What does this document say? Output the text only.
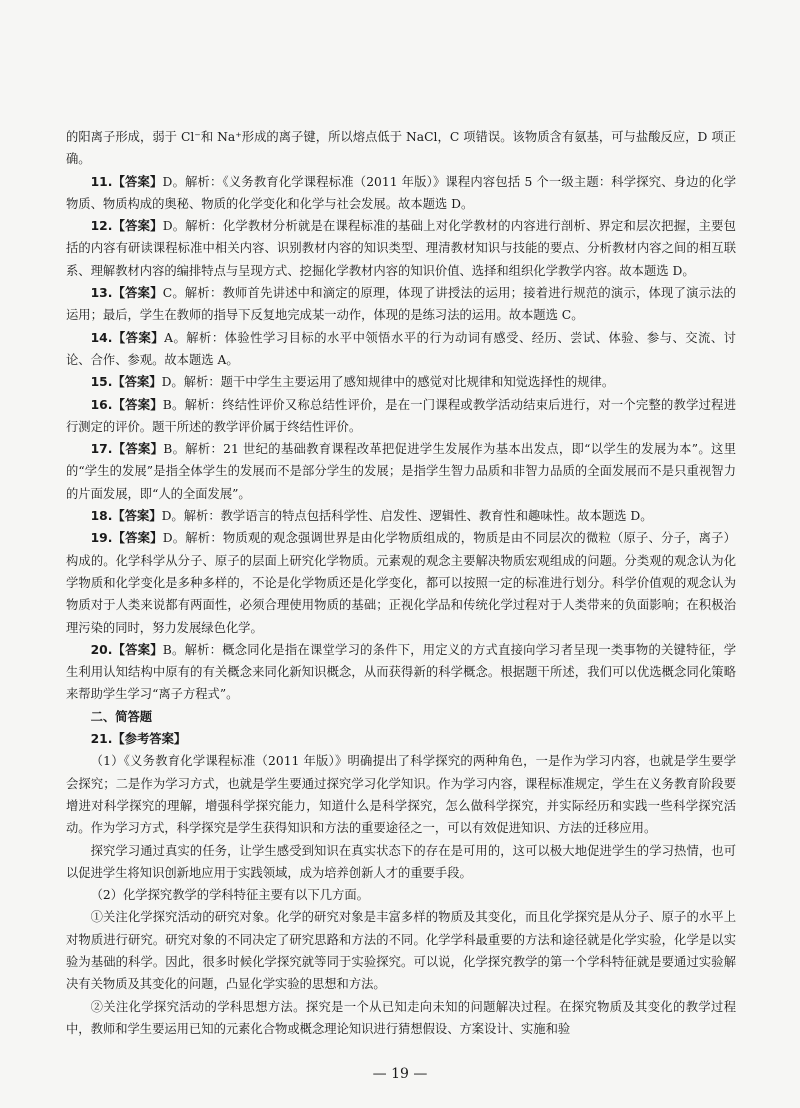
的阳离子形成，弱于 Cl⁻和 Na⁺形成的离子键，所以熔点低于 NaCl，C 项错误。该物质含有氨基，可与盐酸反应，D 项正确。

11.【答案】D。解析：《义务教育化学课程标准（2011 年版）》课程内容包括 5 个一级主题：科学探究、身边的化学物质、物质构成的奥秘、物质的化学变化和化学与社会发展。故本题选 D。

12.【答案】D。解析：化学教材分析就是在课程标准的基础上对化学教材的内容进行剖析、界定和层次把握，主要包括的内容有研读课程标准中相关内容、识别教材内容的知识类型、理清教材知识与技能的要点、分析教材内容之间的相互联系、理解教材内容的编排特点与呈现方式、挖掘化学教材内容的知识价值、选择和组织化学教学内容。故本题选 D。

13.【答案】C。解析：教师首先讲述中和滴定的原理，体现了讲授法的运用；接着进行规范的演示，体现了演示法的运用；最后，学生在教师的指导下反复地完成某一动作，体现的是练习法的运用。故本题选 C。

14.【答案】A。解析：体验性学习目标的水平中领悟水平的行为动词有感受、经历、尝试、体验、参与、交流、讨论、合作、参观。故本题选 A。

15.【答案】D。解析：题干中学生主要运用了感知规律中的感觉对比规律和知觉选择性的规律。

16.【答案】B。解析：终结性评价又称总结性评价，是在一门课程或教学活动结束后进行，对一个完整的教学过程进行测定的评价。题干所述的教学评价属于终结性评价。

17.【答案】B。解析：21 世纪的基础教育课程改革把促进学生发展作为基本出发点，即“以学生的发展为本”。这里的“学生的发展”是指全体学生的发展而不是部分学生的发展；是指学生智力品质和非智力品质的全面发展而不是只重视智力的片面发展，即“人的全面发展”。

18.【答案】D。解析：教学语言的特点包括科学性、启发性、逻辑性、教育性和趣味性。故本题选 D。

19.【答案】D。解析：物质观的观念强调世界是由化学物质组成的，物质是由不同层次的微粒（原子、分子，离子）构成的。化学科学从分子、原子的层面上研究化学物质。元素观的观念主要解决物质宏观组成的问题。分类观的观念认为化学物质和化学变化是多种多样的，不论是化学物质还是化学变化，都可以按照一定的标准进行划分。科学价值观的观念认为物质对于人类来说都有两面性，必须合理使用物质的基础；正视化学品和传统化学过程对于人类带来的负面影响；在积极治理污染的同时，努力发展绿色化学。

20.【答案】B。解析：概念同化是指在课堂学习的条件下，用定义的方式直接向学习者呈现一类事物的关键特征，学生利用认知结构中原有的有关概念来同化新知识概念，从而获得新的科学概念。根据题干所述，我们可以优选概念同化策略来帮助学生学习“离子方程式”。

二、简答题

21.【参考答案】

（1）《义务教育化学课程标准（2011 年版）》明确提出了科学探究的两种角色，一是作为学习内容，也就是学生要学会探究；二是作为学习方式，也就是学生要通过探究学习化学知识。作为学习内容，课程标准规定，学生在义务教育阶段要增进对科学探究的理解，增强科学探究能力，知道什么是科学探究，怎么做科学探究，并实际经历和实践一些科学探究活动。作为学习方式，科学探究是学生获得知识和方法的重要途径之一，可以有效促进知识、方法的迁移应用。

探究学习通过真实的任务，让学生感受到知识在真实状态下的存在是可用的，这可以极大地促进学生的学习热情，也可以促进学生将知识创新地应用于实践领域，成为培养创新人才的重要手段。

（2）化学探究教学的学科特征主要有以下几方面。

①关注化学探究活动的研究对象。化学的研究对象是丰富多样的物质及其变化，而且化学探究是从分子、原子的水平上对物质进行研究。研究对象的不同决定了研究思路和方法的不同。化学学科最重要的方法和途径就是化学实验，化学是以实验为基础的科学。因此，很多时候化学探究就等同于实验探究。可以说，化学探究教学的第一个学科特征就是要通过实验解决有关物质及其变化的问题，凸显化学实验的思想和方法。

②关注化学探究活动的学科思想方法。探究是一个从已知走向未知的问题解决过程。在探究物质及其变化的教学过程中，教师和学生要运用已知的元素化合物或概念理论知识进行猜想假设、方案设计、实施和验

— 19 —
